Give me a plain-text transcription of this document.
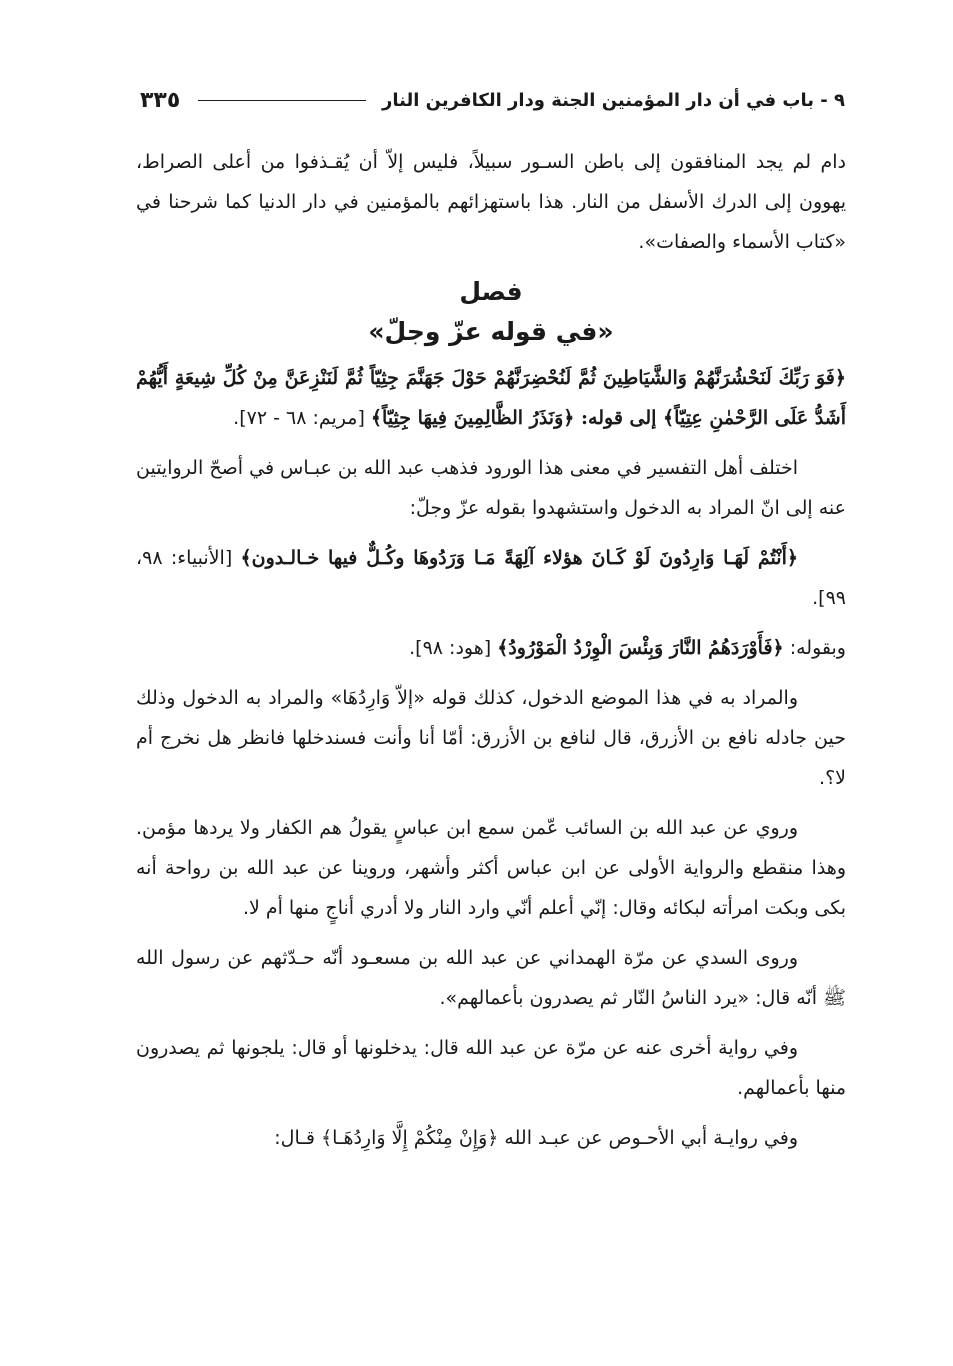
٩ - باب في أن دار المؤمنين الجنة ودار الكافرين النار
٣٣٥

دام لم يجد المنافقون إلى باطن السـور سبيلاً، فليس إلاّ أن يُقـذفوا من أعلى الصراط، يهوون إلى الدرك الأسفل من النار. هذا باستهزائهم بالمؤمنين في دار الدنيا كما شرحنا في «كتاب الأسماء والصفات».

فصل
«في قوله عزّ وجلّ»

﴿فَوَ رَبِّكَ لَنَحْشُرَنَّهُمْ وَالشَّيَاطِينَ ثُمَّ لَنُحْضِرَنَّهُمْ حَوْلَ جَهَنَّمَ جِثِيّاً ثُمَّ لَنَنْزِعَنَّ مِنْ كُلِّ شِيعَةٍ أَيُّهُمْ أَشَدُّ عَلَى الرَّحْمٰنِ عِتِيّاً﴾ إلى قوله: ﴿وَنَذَرُ الظَّالِمِينَ فِيهَا جِثِيّاً﴾ [مريم: ٦٨ - ٧٢].

اختلف أهل التفسير في معنى هذا الورود فذهب عبد الله بن عبـاس في أصحّ الروايتين عنه إلى انّ المراد به الدخول واستشهدوا بقوله عزّ وجلّ:

﴿أَنْتُمْ لَهَـا وَارِدُونَ لَوْ كَـانَ هؤلاء آلِهَةً مَـا وَرَدُوهَا وكُـلٌّ فيها خـالـدون﴾ [الأنبياء: ٩٨، ٩٩].

وبقوله: ﴿فَأَوْرَدَهُمُ النَّارَ وَبِئْسَ الْوِرْدُ الْمَوْرُودُ﴾ [هود: ٩٨].

والمراد به في هذا الموضع الدخول، كذلك قوله «إلاّ وَارِدُهَا» والمراد به الدخول وذلك حين جادله نافع بن الأزرق، قال لنافع بن الأزرق: أمّا أنا وأنت فسندخلها فانظر هل نخرج أم لا؟.

وروي عن عبد الله بن السائب عّمن سمع ابن عباسٍ يقولُ هم الكفار ولا يردها مؤمن. وهذا منقطع والرواية الأولى عن ابن عباس أكثر وأشهر، وروينا عن عبد الله بن رواحة أنه بكى وبكت امرأته لبكائه وقال: إنّي أعلم أنّي وارد النار ولا أدري أناجٍ منها أم لا.

وروى السدي عن مرّة الهمداني عن عبد الله بن مسعـود أنّه حـدّثهم عن رسول الله ﷺ أنّه قال: «يرد الناسُ النّار ثم يصدرون بأعمالهم».

وفي رواية أخرى عنه عن مرّة عن عبد الله قال: يدخلونها أو قال: يلجونها ثم يصدرون منها بأعمالهم.

وفي روايـة أبي الأحـوص عن عبـد الله ﴿وَإِنْ مِنْكُمْ إِلَّا وَارِدُهَـا﴾ قـال:
